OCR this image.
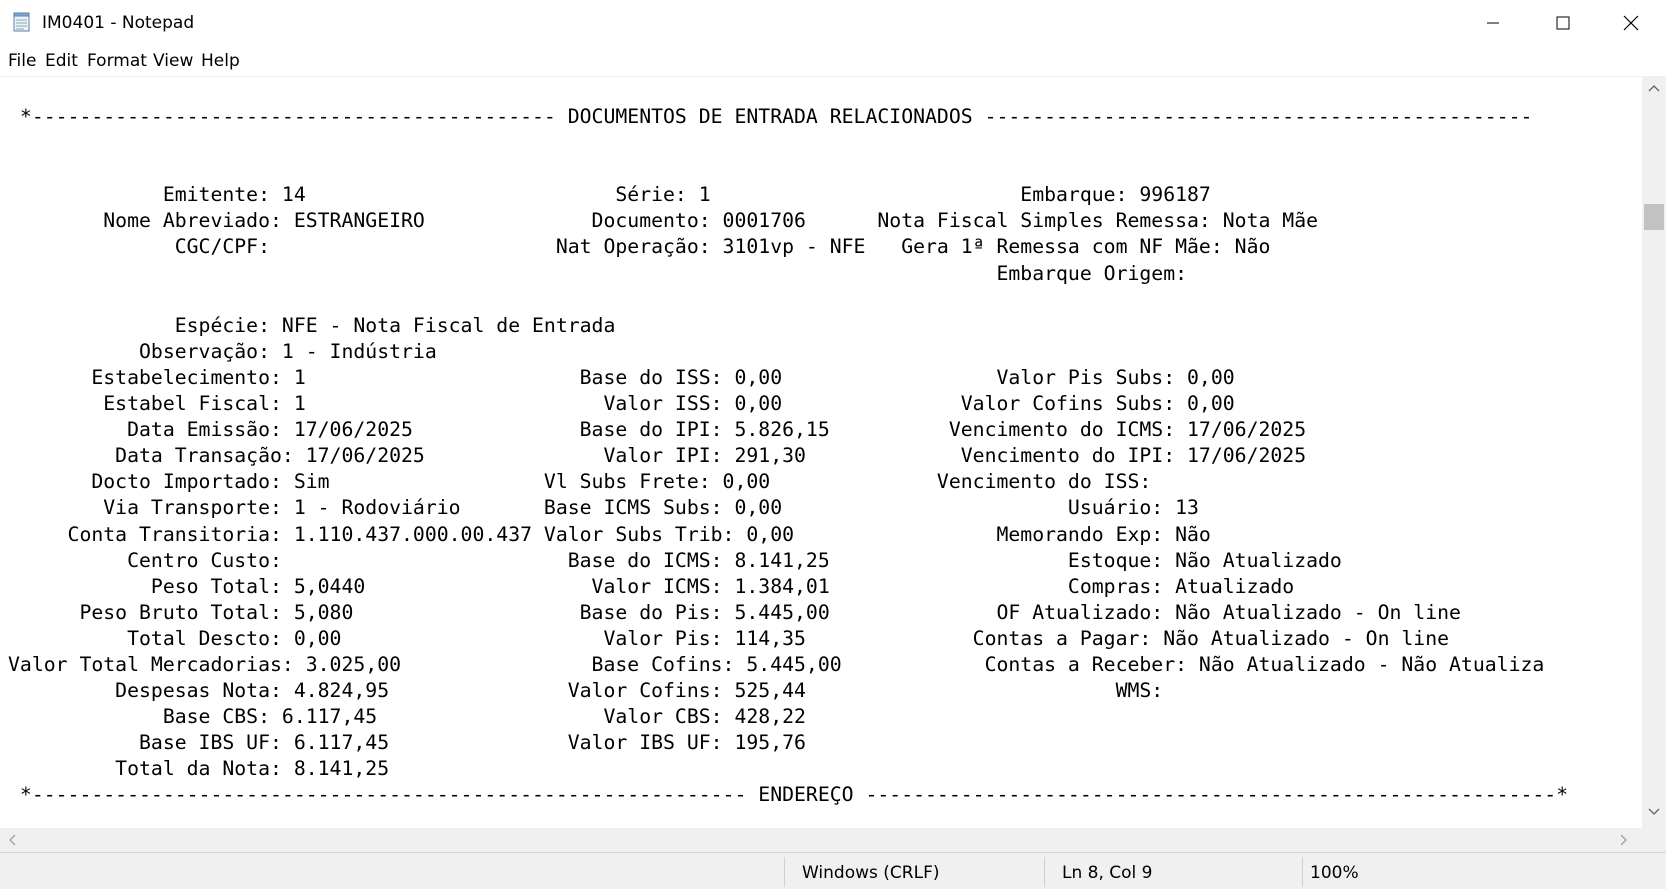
IM0401 - Notepad
File Edit Format View Help
*-------------------------------------------- DOCUMENTOS DE ENTRADA RELACIONADOS ----------------------------------------------

Emitente: 14                          Série: 1                          Embarque: 996187
Nome Abreviado: ESTRANGEIRO              Documento: 0001706      Nota Fiscal Simples Remessa: Nota Mãe
CGC/CPF:                        Nat Operação: 3101vp - NFE   Gera 1ª Remessa com NF Mãe: Não
Embarque Origem:

Espécie: NFE - Nota Fiscal de Entrada
Observação: 1 - Indústria
Estabelecimento: 1                       Base do ISS: 0,00                  Valor Pis Subs: 0,00
Estabel Fiscal: 1                         Valor ISS: 0,00               Valor Cofins Subs: 0,00
Data Emissão: 17/06/2025              Base do IPI: 5.826,15          Vencimento do ICMS: 17/06/2025
Data Transação: 17/06/2025               Valor IPI: 291,30             Vencimento do IPI: 17/06/2025
Docto Importado: Sim                  Vl Subs Frete: 0,00              Vencimento do ISS:
Via Transporte: 1 - Rodoviário       Base ICMS Subs: 0,00                        Usuário: 13
Conta Transitoria: 1.110.437.000.00.437 Valor Subs Trib: 0,00                 Memorando Exp: Não
Centro Custo:                        Base do ICMS: 8.141,25                    Estoque: Não Atualizado
Peso Total: 5,0440                   Valor ICMS: 1.384,01                    Compras: Atualizado
Peso Bruto Total: 5,080                   Base do Pis: 5.445,00              OF Atualizado: Não Atualizado - On line
Total Descto: 0,00                      Valor Pis: 114,35              Contas a Pagar: Não Atualizado - On line
Valor Total Mercadorias: 3.025,00                Base Cofins: 5.445,00            Contas a Receber: Não Atualizado - Não Atualiza
Despesas Nota: 4.824,95               Valor Cofins: 525,44                          WMS:
Base CBS: 6.117,45                   Valor CBS: 428,22
Base IBS UF: 6.117,45               Valor IBS UF: 195,76
Total da Nota: 8.141,25
*------------------------------------------------------------ ENDEREÇO ----------------------------------------------------------*
Windows (CRLF)	Ln 8, Col 9	100%
